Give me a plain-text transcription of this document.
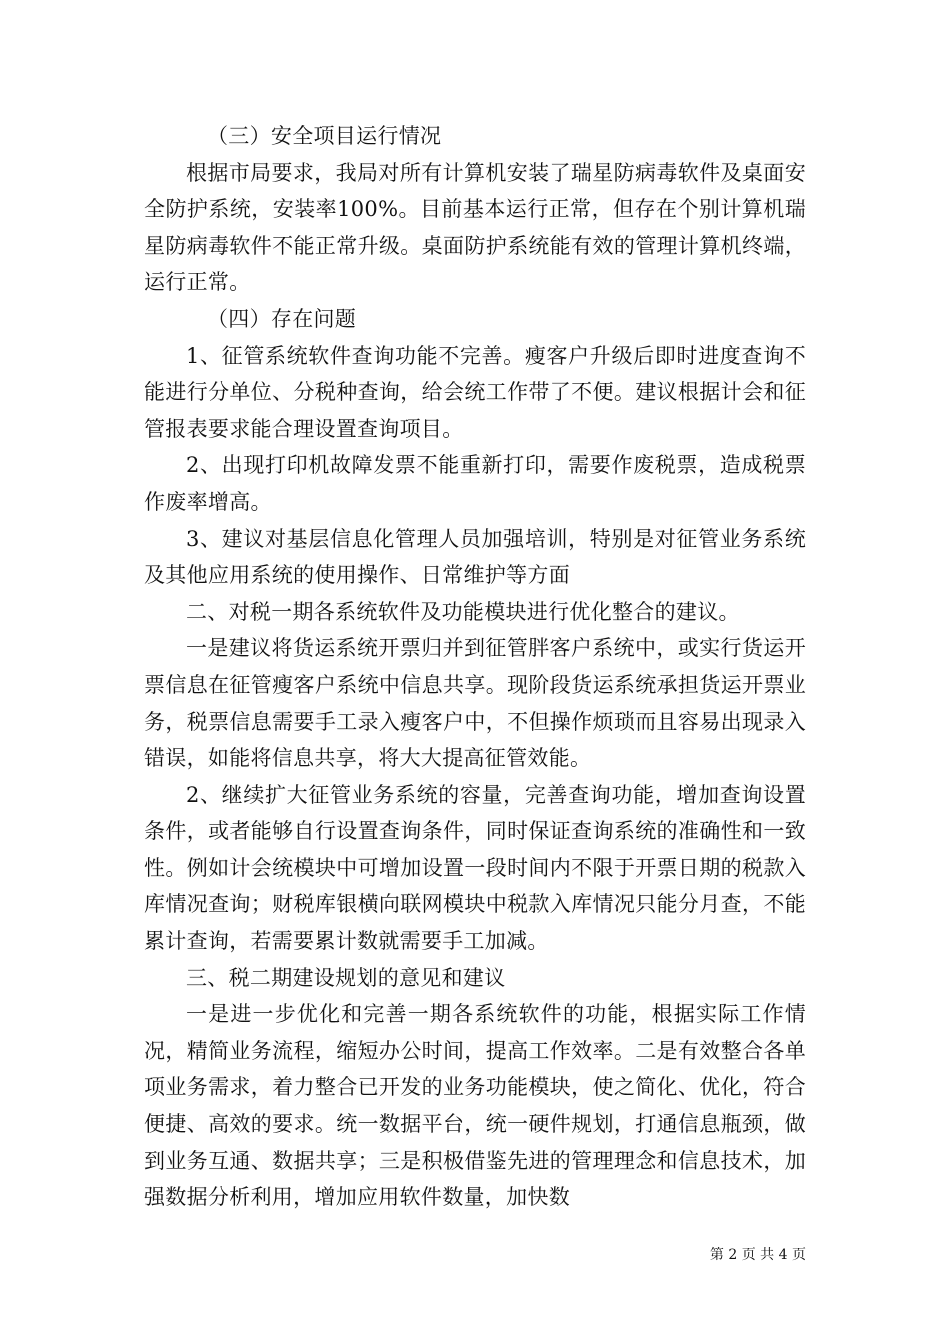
（三）安全项目运行情况

根据市局要求，我局对所有计算机安装了瑞星防病毒软件及桌面安全防护系统，安装率100%。目前基本运行正常，但存在个别计算机瑞星防病毒软件不能正常升级。桌面防护系统能有效的管理计算机终端，运行正常。

（四）存在问题

1、征管系统软件查询功能不完善。瘦客户升级后即时进度查询不能进行分单位、分税种查询，给会统工作带了不便。建议根据计会和征管报表要求能合理设置查询项目。

2、出现打印机故障发票不能重新打印，需要作废税票，造成税票作废率增高。

3、建议对基层信息化管理人员加强培训，特别是对征管业务系统及其他应用系统的使用操作、日常维护等方面

二、对税一期各系统软件及功能模块进行优化整合的建议。

一是建议将货运系统开票归并到征管胖客户系统中，或实行货运开票信息在征管瘦客户系统中信息共享。现阶段货运系统承担货运开票业务，税票信息需要手工录入瘦客户中，不但操作烦琐而且容易出现录入错误，如能将信息共享，将大大提高征管效能。

2、继续扩大征管业务系统的容量，完善查询功能，增加查询设置条件，或者能够自行设置查询条件，同时保证查询系统的准确性和一致性。例如计会统模块中可增加设置一段时间内不限于开票日期的税款入库情况查询；财税库银横向联网模块中税款入库情况只能分月查，不能累计查询，若需要累计数就需要手工加减。

三、税二期建设规划的意见和建议

一是进一步优化和完善一期各系统软件的功能，根据实际工作情况，精简业务流程，缩短办公时间，提高工作效率。二是有效整合各单项业务需求，着力整合已开发的业务功能模块，使之简化、优化，符合便捷、高效的要求。统一数据平台，统一硬件规划，打通信息瓶颈，做到业务互通、数据共享；三是积极借鉴先进的管理理念和信息技术，加强数据分析利用，增加应用软件数量，加快数

第 2 页 共 4 页
